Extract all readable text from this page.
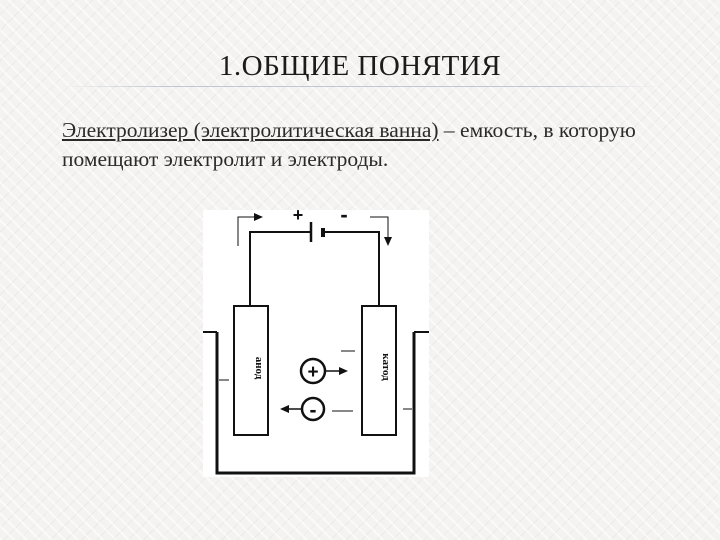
1.ОБЩИЕ ПОНЯТИЯ
Электролизер (электролитическая ванна) – емкость, в которую помещают электролит и электроды.
+ -
анод	катод
+
-
